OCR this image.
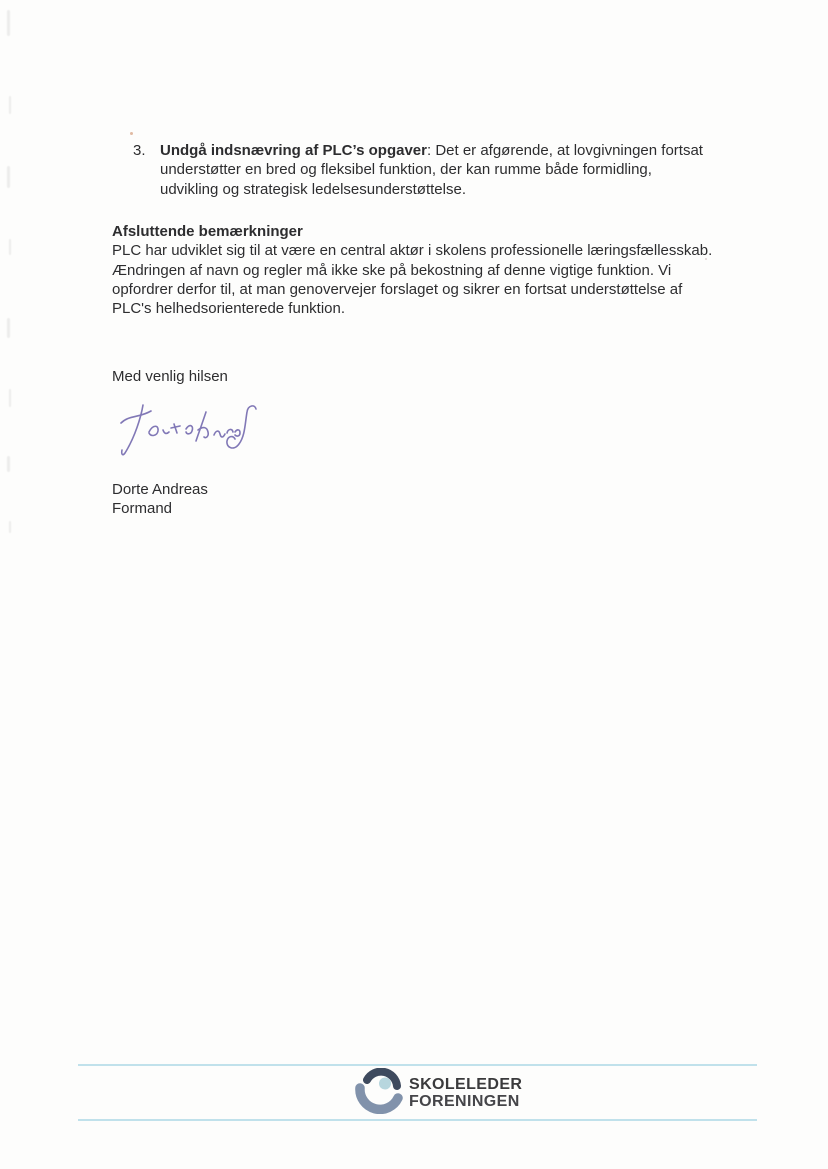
3. Undgå indsnævring af PLC’s opgaver: Det er afgørende, at lovgivningen fortsat
understøtter en bred og fleksibel funktion, der kan rumme både formidling,
udvikling og strategisk ledelsesunderstøttelse.
Afsluttende bemærkninger
PLC har udviklet sig til at være en central aktør i skolens professionelle læringsfællesskab.
Ændringen af navn og regler må ikke ske på bekostning af denne vigtige funktion. Vi
opfordrer derfor til, at man genovervejer forslaget og sikrer en fortsat understøttelse af
PLC's helhedsorienterede funktion.
Med venlig hilsen
Dorte Andreas
Formand
SKOLELEDER
FORENINGEN
